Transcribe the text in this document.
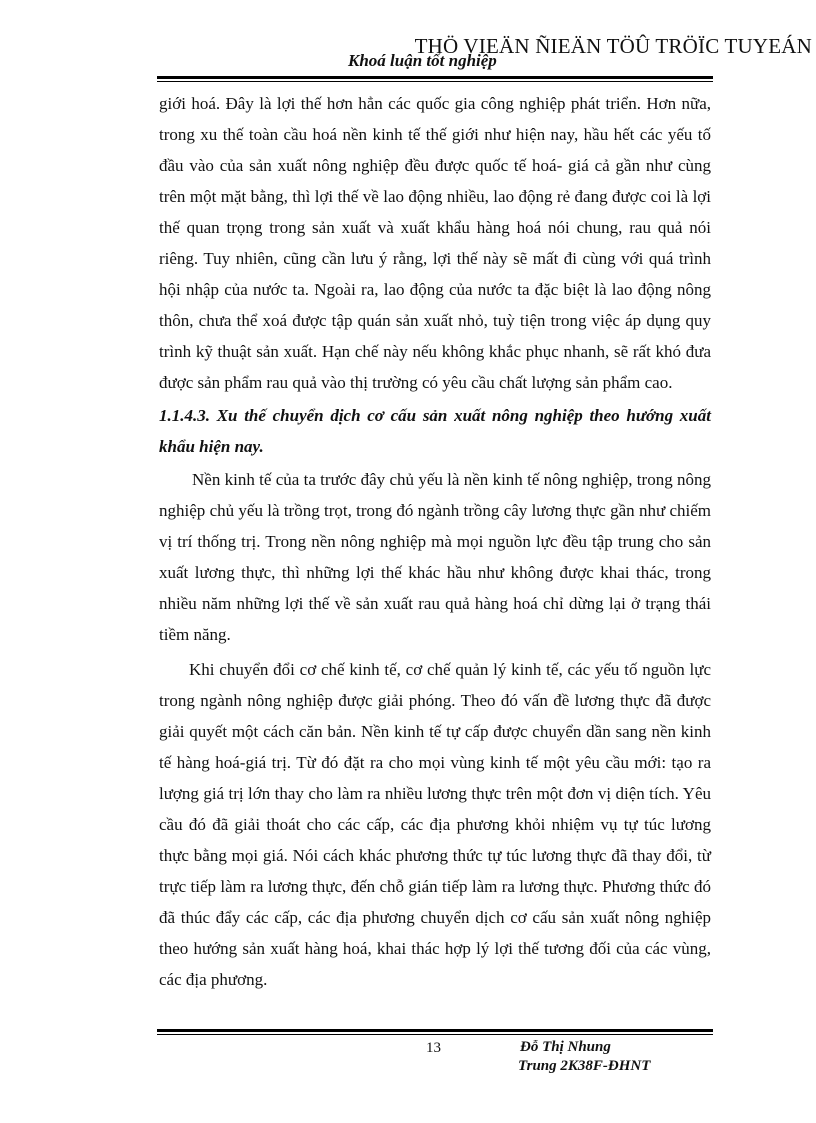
THÖ VIEÄN ÑIEÄN TÖÛ TRÖÏC TUYEÁN
Khoá luận tốt nghiệp

giới hoá. Đây là lợi thế hơn hẳn các quốc gia công nghiệp phát triển. Hơn nữa, trong xu thế toàn cầu hoá nền kinh tế thế giới như hiện nay, hầu hết các yếu tố đầu vào của sản xuất nông nghiệp đều được quốc tế hoá- giá cả gần như cùng trên một mặt bằng, thì lợi thế về lao động nhiều, lao động rẻ đang được coi là lợi thế quan trọng trong sản xuất và xuất khẩu hàng hoá nói chung, rau quả nói riêng. Tuy nhiên, cũng cần lưu ý rằng, lợi thế này sẽ mất đi cùng với quá trình hội nhập của nước ta. Ngoài ra, lao động của nước ta đặc biệt là lao động nông thôn, chưa thể xoá được tập quán sản xuất nhỏ, tuỳ tiện trong việc áp dụng quy trình kỹ thuật sản xuất. Hạn chế này nếu không khắc phục nhanh, sẽ rất khó đưa được sản phẩm rau quả vào thị trường có yêu cầu chất lượng sản phẩm cao.

1.1.4.3. Xu thế chuyển dịch cơ cấu sản xuất nông nghiệp theo hướng xuất khẩu hiện nay.

Nền kinh tế của ta trước đây chủ yếu là nền kinh tế nông nghiệp, trong nông nghiệp chủ yếu là trồng trọt, trong đó ngành trồng cây lương thực gần như chiếm vị trí thống trị. Trong nền nông nghiệp mà mọi nguồn lực đều tập trung cho sản xuất lương thực, thì những lợi thế khác hầu như không được khai thác, trong nhiều năm những lợi thế về sản xuất rau quả hàng hoá chỉ dừng lại ở trạng thái tiềm năng.

Khi chuyển đổi cơ chế kinh tế, cơ chế quản lý kinh tế, các yếu tố nguồn lực trong ngành nông nghiệp được giải phóng. Theo đó vấn đề lương thực đã được giải quyết một cách căn bản. Nền kinh tế tự cấp được chuyển dần sang nền kinh tế hàng hoá-giá trị. Từ đó đặt ra cho mọi vùng kinh tế một yêu cầu mới: tạo ra lượng giá trị lớn thay cho làm ra nhiều lương thực trên một đơn vị diện tích. Yêu cầu đó đã giải thoát cho các cấp, các địa phương khỏi nhiệm vụ tự túc lương thực bằng mọi giá. Nói cách khác phương thức tự túc lương thực đã thay đổi, từ trực tiếp làm ra lương thực, đến chỗ gián tiếp làm ra lương thực. Phương thức đó đã thúc đẩy các cấp, các địa phương chuyển dịch cơ cấu sản xuất nông nghiệp theo hướng sản xuất hàng hoá, khai thác hợp lý lợi thế tương đối của các vùng, các địa phương.

13	Đỗ Thị Nhung
Trung 2K38F-ĐHNT
